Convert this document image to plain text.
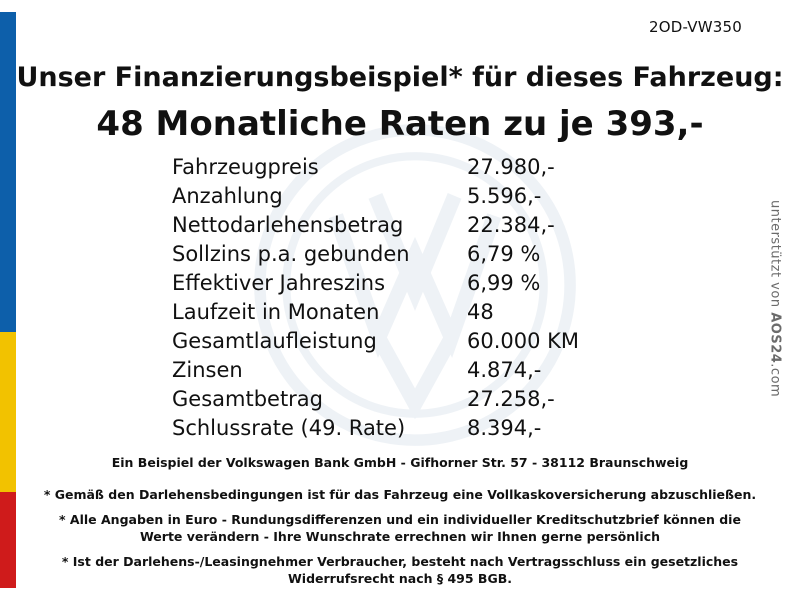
2OD-VW350
Unser Finanzierungsbeispiel* für dieses Fahrzeug:
48 Monatliche Raten zu je 393,-
Fahrzeugpreis	27.980,-
Anzahlung	5.596,-
Nettodarlehensbetrag	22.384,-
Sollzins p.a. gebunden	6,79 %
Effektiver Jahreszins	6,99 %
Laufzeit in Monaten	48
Gesamtlaufleistung	60.000 KM
Zinsen	4.874,-
Gesamtbetrag	27.258,-
Schlussrate (49. Rate)	8.394,-
unterstützt von AOS24.com
Ein Beispiel der Volkswagen Bank GmbH - Gifhorner Str. 57 - 38112 Braunschweig
* Gemäß den Darlehensbedingungen ist für das Fahrzeug eine Vollkaskoversicherung abzuschließen.
* Alle Angaben in Euro - Rundungsdifferenzen und ein individueller Kreditschutzbrief können die Werte verändern - Ihre Wunschrate errechnen wir Ihnen gerne persönlich
* Ist der Darlehens-/Leasingnehmer Verbraucher, besteht nach Vertragsschluss ein gesetzliches Widerrufsrecht nach § 495 BGB.
